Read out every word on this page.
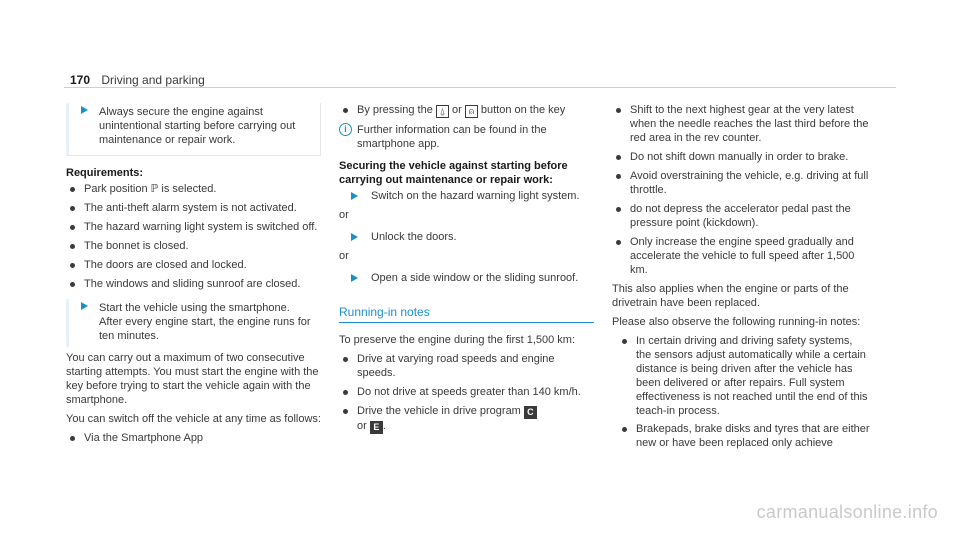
170 Driving and parking
Always secure the engine against unintentional starting before carrying out maintenance or repair work.
Requirements:
Park position ℙ is selected.
The anti-theft alarm system is not activated.
The hazard warning light system is switched off.
The bonnet is closed.
The doors are closed and locked.
The windows and sliding sunroof are closed.
Start the vehicle using the smartphone.
After every engine start, the engine runs for ten minutes.

You can carry out a maximum of two consecutive starting attempts. You must start the engine with the key before trying to start the vehicle again with the smartphone.

You can switch off the vehicle at any time as follows:

Via the Smartphone App
By pressing the ⍙ or ⍝ button on the key
i Further information can be found in the smartphone app.
Securing the vehicle against starting before carrying out maintenance or repair work:
Switch on the hazard warning light system.

or

Unlock the doors.

or

Open a side window or the sliding sunroof.
Running-in notes

To preserve the engine during the first 1,500 km:

Drive at varying road speeds and engine speeds.
Do not drive at speeds greater than 140 km/h.
Drive the vehicle in drive program C
or E .
Shift to the next highest gear at the very latest when the needle reaches the last third before the red area in the rev counter.
Do not shift down manually in order to brake.
Avoid overstraining the vehicle, e.g. driving at full throttle.
do not depress the accelerator pedal past the pressure point (kickdown).
Only increase the engine speed gradually and accelerate the vehicle to full speed after 1,500 km.

This also applies when the engine or parts of the drivetrain have been replaced.

Please also observe the following running-in notes:

In certain driving and driving safety systems, the sensors adjust automatically while a certain distance is being driven after the vehicle has been delivered or after repairs. Full system effectiveness is not reached until the end of this teach-in process.
Brakepads, brake disks and tyres that are either new or have been replaced only achieve
carmanualsonline.info
